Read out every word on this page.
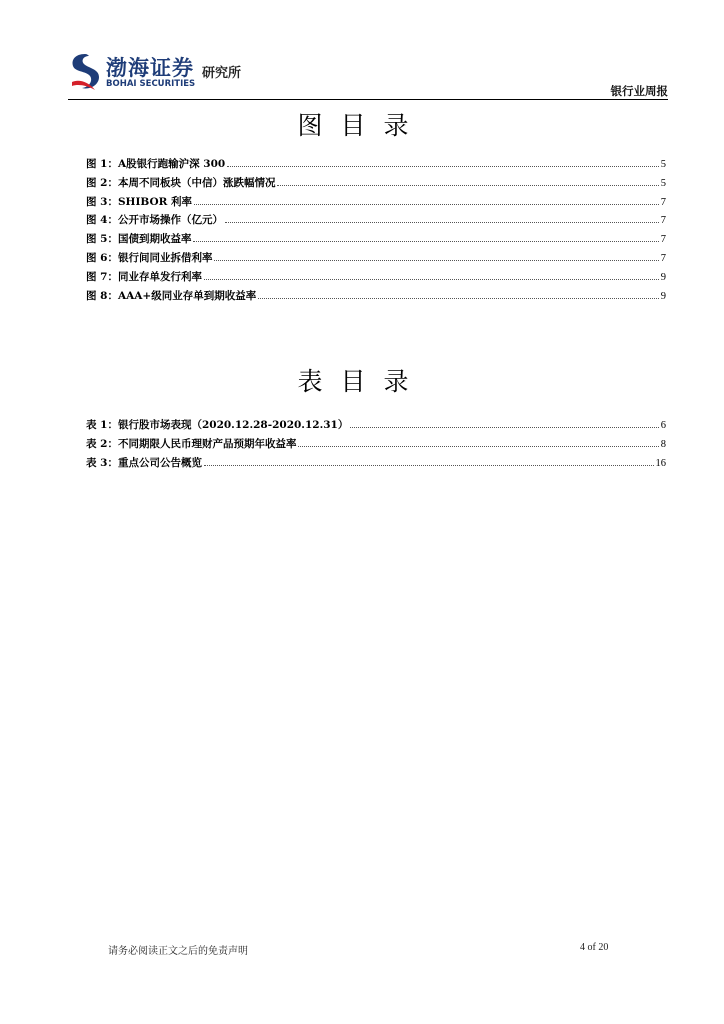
渤海证券
BOHAI SECURITIES
研究所
银行业周报
图目录
图 1：A股银行跑输沪深 300	5
图 2：本周不同板块（中信）涨跌幅情况	5
图 3：SHIBOR 利率	7
图 4：公开市场操作（亿元）	7
图 5：国债到期收益率	7
图 6：银行间同业拆借利率	7
图 7：同业存单发行利率	9
图 8：AAA+级同业存单到期收益率	9
表目录
表 1：银行股市场表现（2020.12.28-2020.12.31）	6
表 2：不同期限人民币理财产品预期年收益率	8
表 3：重点公司公告概览	16
请务必阅读正文之后的免责声明	4 of 20
